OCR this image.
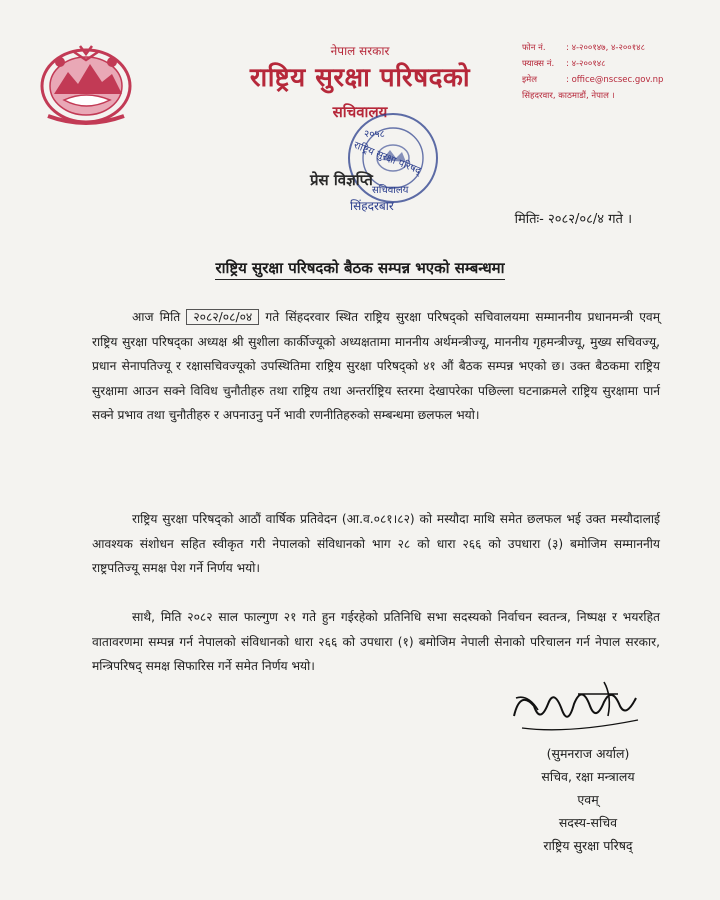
नेपाल सरकार
राष्ट्रिय सुरक्षा परिषदको
सचिवालय
फोन नं. : ४-२००१४७, ४-२००१४८
फ्याक्स नं. : ४-२००१४८
इमेल	: office@nscsec.gov.np
सिंहदरवार, काठमाडौं, नेपाल ।
२०५८
राष्ट्रिय सुरक्षा परिषद्
सचिवालय
सिंहदरबार
प्रेस विज्ञप्ति
मितिः- २०८२/०८/४ गते ।
राष्ट्रिय सुरक्षा परिषदको बैठक सम्पन्न भएको सम्बन्धमा
आज मिति २०८२/०८/०४ गते सिंहदरवार स्थित राष्ट्रिय सुरक्षा परिषद्को सचिवालयमा सम्माननीय प्रधानमन्त्री एवम् राष्ट्रिय सुरक्षा परिषद्का अध्यक्ष श्री सुशीला कार्कीज्यूको अध्यक्षतामा माननीय अर्थमन्त्रीज्यू, माननीय गृहमन्त्रीज्यू, मुख्य सचिवज्यू, प्रधान सेनापतिज्यू र रक्षासचिवज्यूको उपस्थितिमा राष्ट्रिय सुरक्षा परिषद्को ४१ औं बैठक सम्पन्न भएको छ। उक्त बैठकमा राष्ट्रिय सुरक्षामा आउन सक्ने विविध चुनौतीहरु तथा राष्ट्रिय तथा अन्तर्राष्ट्रिय स्तरमा देखापरेका पछिल्ला घटनाक्रमले राष्ट्रिय सुरक्षामा पार्न सक्ने प्रभाव तथा चुनौतीहरु र अपनाउनु पर्ने भावी रणनीतिहरुको सम्बन्धमा छलफल भयो।
राष्ट्रिय सुरक्षा परिषद्को आठौं वार्षिक प्रतिवेदन (आ.व.०८१।८२) को मस्यौदा माथि समेत छलफल भई उक्त मस्यौदालाई आवश्यक संशोधन सहित स्वीकृत गरी नेपालको संविधानको भाग २८ को धारा २६६ को उपधारा (३) बमोजिम सम्माननीय राष्ट्रपतिज्यू समक्ष पेश गर्ने निर्णय भयो।
साथै, मिति २०८२ साल फाल्गुण २१ गते हुन गईरहेको प्रतिनिधि सभा सदस्यको निर्वाचन स्वतन्त्र, निष्पक्ष र भयरहित वातावरणमा सम्पन्न गर्न नेपालको संविधानको धारा २६६ को उपधारा (१) बमोजिम नेपाली सेनाको परिचालन गर्न नेपाल सरकार, मन्त्रिपरिषद् समक्ष सिफारिस गर्ने समेत निर्णय भयो।
(सुमनराज अर्याल)
सचिव, रक्षा मन्त्रालय
एवम्
सदस्य-सचिव
राष्ट्रिय सुरक्षा परिषद्
